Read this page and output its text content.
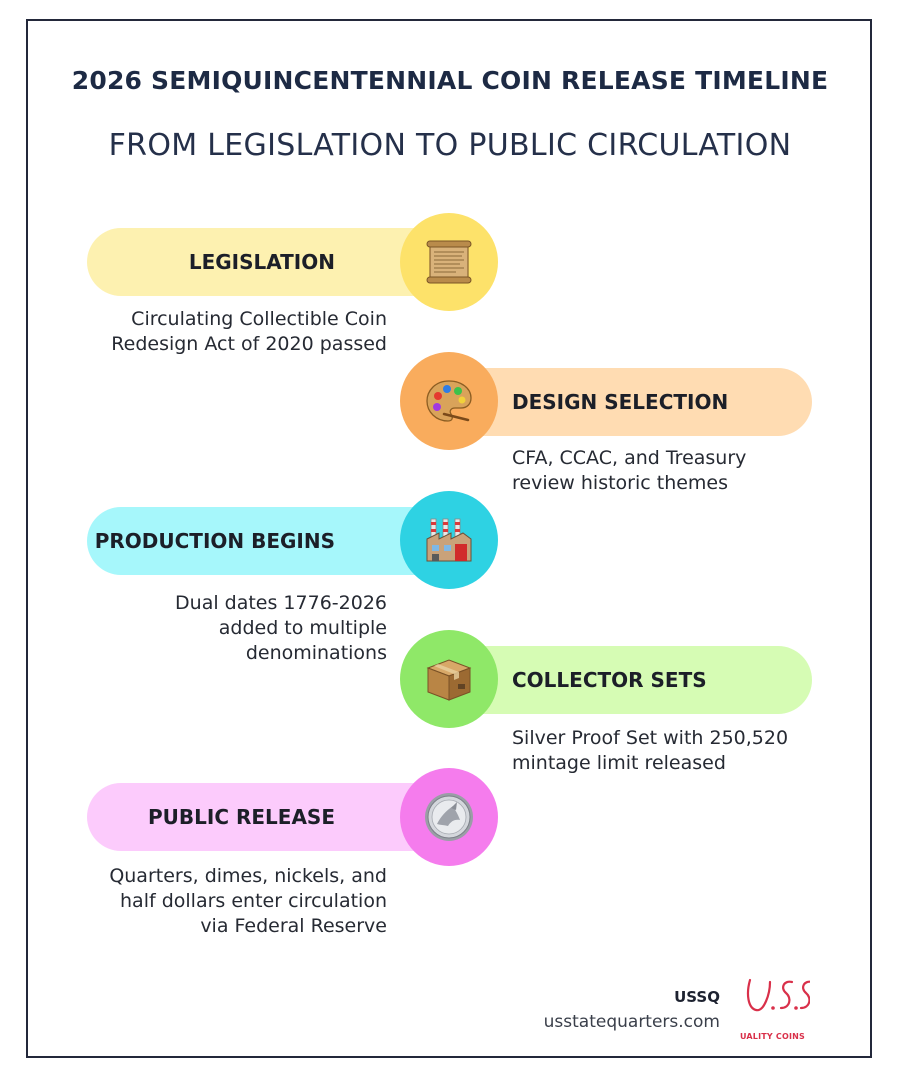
2026 SEMIQUINCENTENNIAL COIN RELEASE TIMELINE
FROM LEGISLATION TO PUBLIC CIRCULATION
LEGISLATION
Circulating Collectible Coin
Redesign Act of 2020 passed
DESIGN SELECTION
CFA, CCAC, and Treasury
review historic themes
PRODUCTION BEGINS
Dual dates 1776-2026
added to multiple
denominations
COLLECTOR SETS
Silver Proof Set with 250,520
mintage limit released
PUBLIC RELEASE
Quarters, dimes, nickels, and
half dollars enter circulation
via Federal Reserve
USSQ
usstatequarters.com
UALITY COINS
